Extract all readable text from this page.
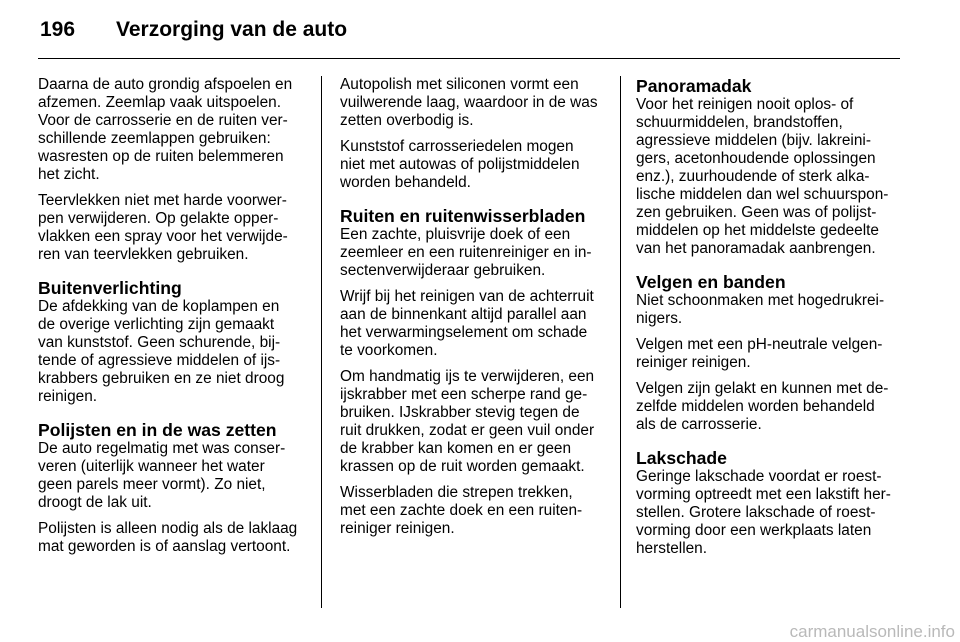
196 Verzorging van de auto

Daarna de auto grondig afspoelen en
afzemen. Zeemlap vaak uitspoelen.
Voor de carrosserie en de ruiten ver‐
schillende zeemlappen gebruiken:
wasresten op de ruiten belemmeren
het zicht.

Teervlekken niet met harde voorwer‐
pen verwijderen. Op gelakte opper‐
vlakken een spray voor het verwijde‐
ren van teervlekken gebruiken.

Buitenverlichting

De afdekking van de koplampen en
de overige verlichting zijn gemaakt
van kunststof. Geen schurende, bij‐
tende of agressieve middelen of ijs‐
krabbers gebruiken en ze niet droog
reinigen.

Polijsten en in de was zetten

De auto regelmatig met was conser‐
veren (uiterlijk wanneer het water
geen parels meer vormt). Zo niet,
droogt de lak uit.

Polijsten is alleen nodig als de laklaag
mat geworden is of aanslag vertoont.

Autopolish met siliconen vormt een
vuilwerende laag, waardoor in de was
zetten overbodig is.

Kunststof carrosseriedelen mogen
niet met autowas of polijstmiddelen
worden behandeld.

Ruiten en ruitenwisserbladen

Een zachte, pluisvrije doek of een
zeemleer en een ruitenreiniger en in‐
sectenverwijderaar gebruiken.

Wrijf bij het reinigen van de achterruit
aan de binnenkant altijd parallel aan
het verwarmingselement om schade
te voorkomen.

Om handmatig ijs te verwijderen, een
ijskrabber met een scherpe rand ge‐
bruiken. IJskrabber stevig tegen de
ruit drukken, zodat er geen vuil onder
de krabber kan komen en er geen
krassen op de ruit worden gemaakt.

Wisserbladen die strepen trekken,
met een zachte doek en een ruiten‐
reiniger reinigen.

Panoramadak

Voor het reinigen nooit oplos- of
schuurmiddelen, brandstoffen,
agressieve middelen (bijv. lakreini‐
gers, acetonhoudende oplossingen
enz.), zuurhoudende of sterk alka‐
lische middelen dan wel schuurspon‐
zen gebruiken. Geen was of polijst‐
middelen op het middelste gedeelte
van het panoramadak aanbrengen.

Velgen en banden

Niet schoonmaken met hogedrukrei‐
nigers.

Velgen met een pH-neutrale velgen‐
reiniger reinigen.

Velgen zijn gelakt en kunnen met de‐
zelfde middelen worden behandeld
als de carrosserie.

Lakschade

Geringe lakschade voordat er roest‐
vorming optreedt met een lakstift her‐
stellen. Grotere lakschade of roest‐
vorming door een werkplaats laten
herstellen.

carmanualsonline.info
